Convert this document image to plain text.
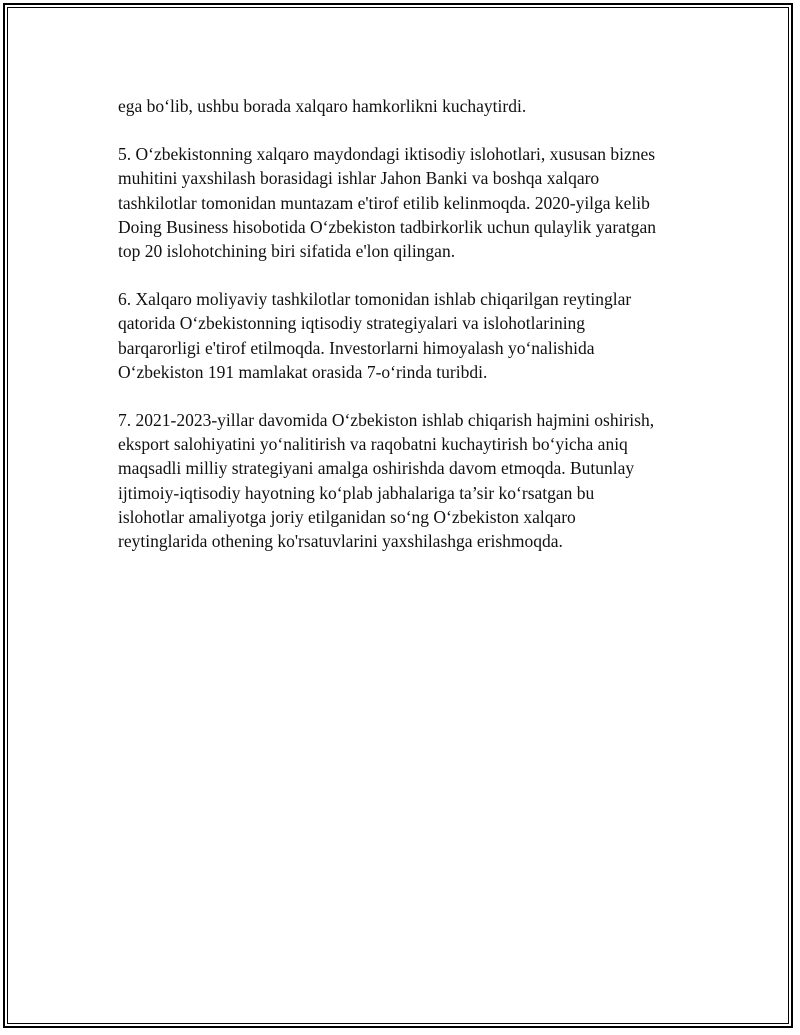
ega bo‘lib, ushbu borada xalqaro hamkorlikni kuchaytirdi.

5. O‘zbekistonning xalqaro maydondagi iktisodiy islohotlari, xususan biznes
muhitini yaxshilash borasidagi ishlar Jahon Banki va boshqa xalqaro
tashkilotlar tomonidan muntazam e'tirof etilib kelinmoqda. 2020-yilga kelib
Doing Business hisobotida O‘zbekiston tadbirkorlik uchun qulaylik yaratgan
top 20 islohotchining biri sifatida e'lon qilingan.

6. Xalqaro moliyaviy tashkilotlar tomonidan ishlab chiqarilgan reytinglar
qatorida O‘zbekistonning iqtisodiy strategiyalari va islohotlarining
barqarorligi e'tirof etilmoqda. Investorlarni himoyalash yo‘nalishida
O‘zbekiston 191 mamlakat orasida 7-o‘rinda turibdi.

7. 2021-2023-yillar davomida O‘zbekiston ishlab chiqarish hajmini oshirish,
eksport salohiyatini yo‘nalitirish va raqobatni kuchaytirish bo‘yicha aniq
maqsadli milliy strategiyani amalga oshirishda davom etmoqda. Butunlay
ijtimoiy-iqtisodiy hayotning ko‘plab jabhalariga ta’sir ko‘rsatgan bu
islohotlar amaliyotga joriy etilganidan so‘ng O‘zbekiston xalqaro
reytinglarida othening ko'rsatuvlarini yaxshilashga erishmoqda.
